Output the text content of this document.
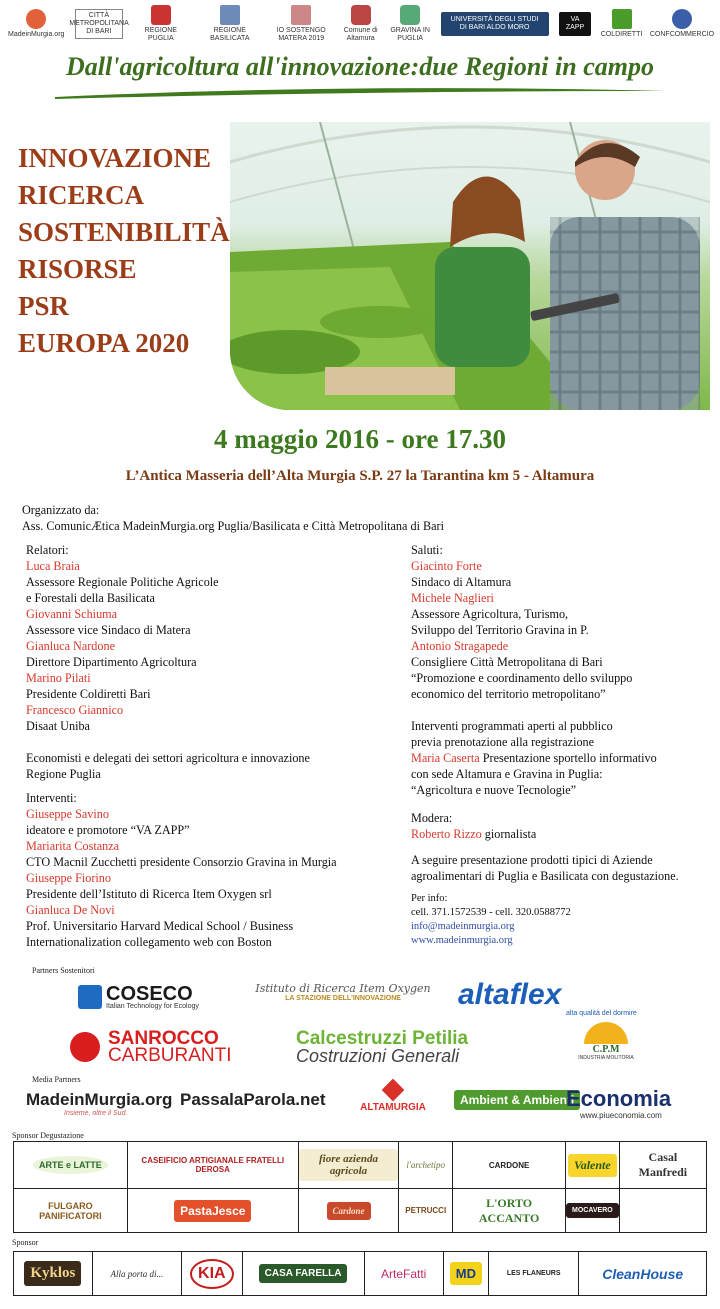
MadeinMurgia.org
CITTÀ METROPOLITANA DI BARI	REGIONE PUGLIA
REGIONE BASILICATA
IO SOSTENGO MATERA 2019
Comune di Altamura
GRAVINA IN PUGLIA
UNIVERSITÀ DEGLI STUDI DI BARI ALDO MORO
VA ZAPP
COLDIRETTI CONFCOMMERCIO
Dall'agricoltura all'innovazione:due Regioni in campo
INNOVAZIONE
RICERCA
SOSTENIBILITÀ
RISORSE
PSR
EUROPA 2020
4 maggio 2016 - ore 17.30
L’Antica Masseria dell’Alta Murgia S.P. 27 la Tarantina km 5 - Altamura
Organizzato da:
Ass. ComunicÆtica MadeinMurgia.org Puglia/Basilicata e Città Metropolitana di Bari
Relatori:
Luca Braia
Assessore Regionale Politiche Agricole
e Forestali della Basilicata
Giovanni Schiuma
Assessore vice Sindaco di Matera
Gianluca Nardone
Direttore Dipartimento Agricoltura
Marino Pilati
Presidente Coldiretti Bari
Francesco Giannico
Disaat Uniba
Economisti e delegati dei settori agricoltura e innovazione
Regione Puglia
Interventi:
Giuseppe Savino
ideatore e promotore “VA ZAPP”
Mariarita Costanza
CTO Macnil Zucchetti presidente Consorzio Gravina in Murgia
Giuseppe Fiorino
Presidente dell’Istituto di Ricerca Item Oxygen srl
Gianluca De Novi
Prof. Universitario Harvard Medical School / Business
Internationalization collegamento web con Boston
Saluti:
Giacinto Forte
Sindaco di Altamura
Michele Naglieri
Assessore Agricoltura, Turismo,
Sviluppo del Territorio Gravina in P.
Antonio Stragapede
Consigliere Città Metropolitana di Bari
“Promozione e coordinamento dello sviluppo
economico del territorio metropolitano”
Interventi programmati aperti al pubblico
previa prenotazione alla registrazione
Maria Caserta Presentazione sportello informativo
con sede Altamura e Gravina in Puglia:
“Agricoltura e nuove Tecnologie”
Modera:
Roberto Rizzo giornalista
A seguire presentazione prodotti tipici di Aziende
agroalimentari di Puglia e Basilicata con degustazione.
Per info:
cell. 371.1572539 - cell. 320.0588772
info@madeinmurgia.org
www.madeinmurgia.org
Partners Sostenitori
COSECO
Italian Technology for Ecology
Istituto di Ricerca Item Oxygen
LA STAZIONE DELL'INNOVAZIONE	altaflex
alta qualità del dormire
SANROCCO
CARBURANTI
Calcestruzzi Petilia
Costruzioni Generali	C.P.M
INDUSTRIA MOLITORIA
Media Partners
MadeinMurgia.org
Insieme, oltre il Sud.
PassalaParola.net	ALTAMURGIA
Ambient & Ambienti
Economia
www.piueconomia.com
Sponsor Degustazione
ARTE e LATTE	CASEIFICIO ARTIGIANALE FRATELLI DEROSA	fiore azienda agricola	l'archetipo	CARDONE	Valente	Casal Manfredi
FULGARO PANIFICATORI	PastaJesce	Cardone	PETRUCCI	L'ORTO ACCANTO	MOCAVERO	
Sponsor
Kyklos	Alla porta di...	KIA	CASA FARELLA	ArteFatti	MD	LES FLANEURS	CleanHouse
